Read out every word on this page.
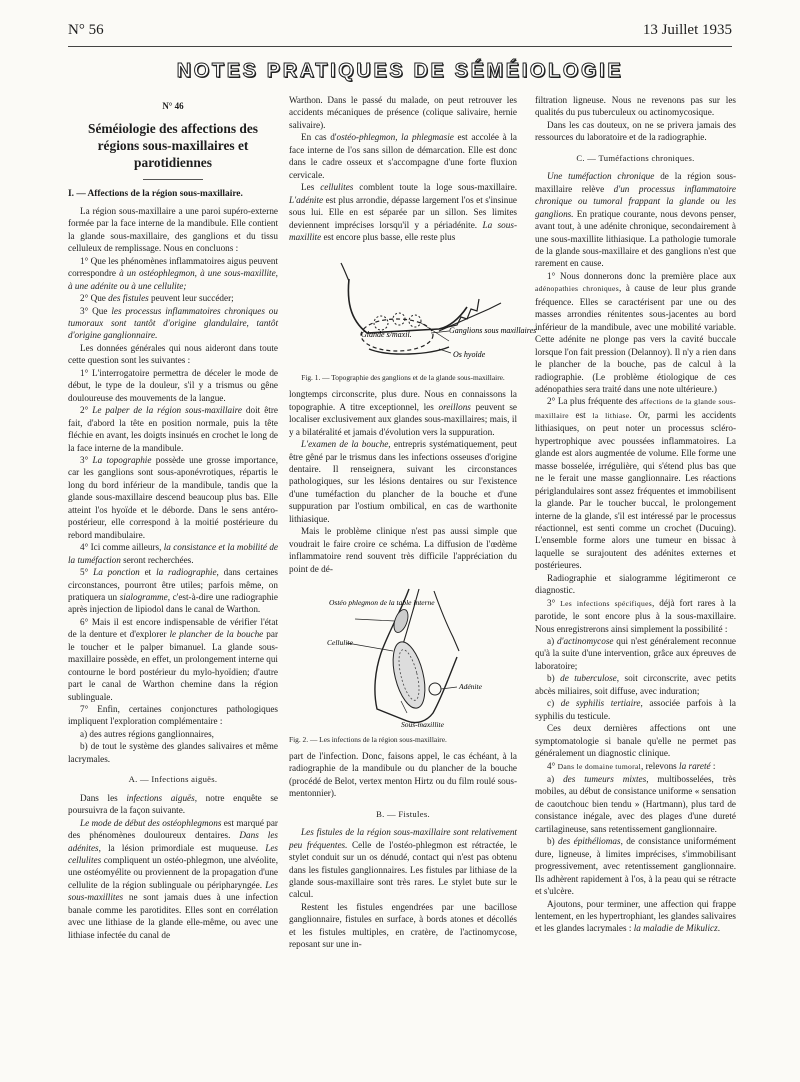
N° 56	13 Juillet 1935
NOTES PRATIQUES DE SÉMÉIOLOGIE

N° 46

Séméiologie des affections des régions sous-maxillaires et parotidiennes

I. — Affections de la région sous-maxillaire.

La région sous-maxillaire a une paroi supéro-externe formée par la face interne de la mandibule. Elle contient la glande sous-maxillaire, des ganglions et du tissu celluleux de remplissage. Nous en concluons :

1° Que les phénomènes inflammatoires aigus peuvent correspondre à un ostéophlegmon, à une sous-maxillite, à une adénite ou à une cellulite;

2° Que des fistules peuvent leur succéder;

3° Que les processus inflammatoires chroniques ou tumoraux sont tantôt d'origine glandulaire, tantôt d'origine ganglionnaire.

Les données générales qui nous aideront dans toute cette question sont les suivantes :

1° L'interrogatoire permettra de déceler le mode de début, le type de la douleur, s'il y a trismus ou gêne douloureuse des mouvements de la langue.

2° Le palper de la région sous-maxillaire doit être fait, d'abord la tête en position normale, puis la tête fléchie en avant, les doigts insinués en crochet le long de la face interne de la mandibule.

3° La topographie possède une grosse importance, car les ganglions sont sous-aponévrotiques, répartis le long du bord inférieur de la mandibule, tandis que la glande sous-maxillaire descend beaucoup plus bas. Elle atteint l'os hyoïde et le déborde. Dans le sens antéro-postérieur, elle correspond à la moitié postérieure du rebord mandibulaire.

4° Ici comme ailleurs, la consistance et la mobilité de la tuméfaction seront recherchées.

5° La ponction et la radiographie, dans certaines circonstances, pourront être utiles; parfois même, on pratiquera un sialogramme, c'est-à-dire une radiographie après injection de lipiodol dans le canal de Warthon.

6° Mais il est encore indispensable de vérifier l'état de la denture et d'explorer le plancher de la bouche par le toucher et le palper bimanuel. La glande sous-maxillaire possède, en effet, un prolongement interne qui contourne le bord postérieur du mylo-hyoïdien; d'autre part le canal de Warthon chemine dans la région sublinguale.

7° Enfin, certaines conjonctures pathologiques impliquent l'exploration complémentaire :

a) des autres régions ganglionnaires,

b) de tout le système des glandes salivaires et même lacrymales.

A. — Infections aiguës.

Dans les infections aiguës, notre enquête se poursuivra de la façon suivante.

Le mode de début des ostéophlegmons est marqué par des phénomènes douloureux dentaires. Dans les adénites, la lésion primordiale est muqueuse. Les cellulites compliquent un ostéo-phlegmon, une alvéolite, une ostéomyélite ou proviennent de la propagation d'une cellulite de la région sublinguale ou péripharyngée. Les sous-maxillites ne sont jamais dues à une infection banale comme les parotidites. Elles sont en corrélation avec une lithiase de la glande elle-même, ou avec une lithiase infectée du canal de

Warthon. Dans le passé du malade, on peut retrouver les accidents mécaniques de présence (colique salivaire, hernie salivaire).

En cas d'ostéo-phlegmon, la phlegmasie est accolée à la face interne de l'os sans sillon de démarcation. Elle est donc dans le cadre osseux et s'accompagne d'une forte fluxion cervicale.

Les cellulites comblent toute la loge sous-maxillaire. L'adénite est plus arrondie, dépasse largement l'os et s'insinue sous lui. Elle en est séparée par un sillon. Ses limites deviennent imprécises lorsqu'il y a périadénite. La sous-maxillite est encore plus basse, elle reste plus

Glande s/maxil.	Ganglions sous maxillaires
Os hyoïde

Fig. 1. — Topographie des ganglions et de la glande sous-maxillaire.

longtemps circonscrite, plus dure. Nous en connaissons la topographie. A titre exceptionnel, les oreillons peuvent se localiser exclusivement aux glandes sous-maxillaires; mais, il y a bilatéralité et jamais d'évolution vers la suppuration.

L'examen de la bouche, entrepris systématiquement, peut être gêné par le trismus dans les infections osseuses d'origine dentaire. Il renseignera, suivant les circonstances pathologiques, sur les lésions dentaires ou sur l'existence d'une tuméfaction du plancher de la bouche et d'une suppuration par l'ostium ombilical, en cas de warthonite lithiasique.

Mais le problème clinique n'est pas aussi simple que voudrait le faire croire ce schéma. La diffusion de l'œdème inflammatoire rend souvent très difficile l'appréciation du point de dé-

Ostéo phlegmon de la table interne
Cellulite
Adénite
Sous-maxillite

Fig. 2. — Les infections de la région sous-maxillaire.

part de l'infection. Donc, faisons appel, le cas échéant, à la radiographie de la mandibule ou du plancher de la bouche (procédé de Belot, vertex menton Hirtz ou du film roulé sous-mentonnier).

B. — Fistules.

Les fistules de la région sous-maxillaire sont relativement peu fréquentes. Celle de l'ostéo-phlegmon est rétractée, le stylet conduit sur un os dénudé, contact qui n'est pas obtenu dans les fistules ganglionnaires. Les fistules par lithiase de la glande sous-maxillaire sont très rares. Le stylet bute sur le calcul.

Restent les fistules engendrées par une bacillose ganglionnaire, fistules en surface, à bords atones et décollés et les fistules multiples, en cratère, de l'actinomycose, reposant sur une in-

filtration ligneuse. Nous ne revenons pas sur les qualités du pus tuberculeux ou actinomycosique.

Dans les cas douteux, on ne se privera jamais des ressources du laboratoire et de la radiographie.

C. — Tuméfactions chroniques.

Une tuméfaction chronique de la région sous-maxillaire relève d'un processus inflammatoire chronique ou tumoral frappant la glande ou les ganglions. En pratique courante, nous devons penser, avant tout, à une adénite chronique, secondairement à une sous-maxillite lithiasique. La pathologie tumorale de la glande sous-maxillaire et des ganglions n'est que rarement en cause.

1° Nous donnerons donc la première place aux adénopathies chroniques, à cause de leur plus grande fréquence. Elles se caractérisent par une ou des masses arrondies rénitentes sous-jacentes au bord inférieur de la mandibule, avec une mobilité variable. Cette adénite ne plonge pas vers la cavité buccale lorsque l'on fait pression (Delannoy). Il n'y a rien dans le plancher de la bouche, pas de calcul à la radiographie. (Le problème étiologique de ces adénopathies sera traité dans une note ultérieure.)

2° La plus fréquente des affections de la glande sous-maxillaire est la lithiase. Or, parmi les accidents lithiasiques, on peut noter un processus scléro-hypertrophique avec poussées inflammatoires. La glande est alors augmentée de volume. Elle forme une masse bosselée, irrégulière, qui s'étend plus bas que ne le ferait une masse ganglionnaire. Les réactions périglandulaires sont assez fréquentes et immobilisent la glande. Par le toucher buccal, le prolongement interne de la glande, s'il est intéressé par le processus réactionnel, est senti comme un crochet (Ducuing). L'ensemble forme alors une tumeur en bissac à laquelle se surajoutent des adénites externes et postérieures.

Radiographie et sialogramme légitimeront ce diagnostic.

3° Les infections spécifiques, déjà fort rares à la parotide, le sont encore plus à la sous-maxillaire. Nous enregistrerons ainsi simplement la possibilité :

a) d'actinomycose qui n'est généralement reconnue qu'à la suite d'une intervention, grâce aux épreuves de laboratoire;

b) de tuberculose, soit circonscrite, avec petits abcès miliaires, soit diffuse, avec induration;

c) de syphilis tertiaire, associée parfois à la syphilis du testicule.

Ces deux dernières affections ont une symptomatologie si banale qu'elle ne permet pas généralement un diagnostic clinique.

4° Dans le domaine tumoral, relevons la rareté :

a) des tumeurs mixtes, multibosselées, très mobiles, au début de consistance uniforme « sensation de caoutchouc bien tendu » (Hartmann), plus tard de consistance inégale, avec des plages d'une dureté cartilagineuse, sans retentissement ganglionnaire.

b) des épithéliomas, de consistance uniformément dure, ligneuse, à limites imprécises, s'immobilisant progressivement, avec retentissement ganglionnaire. Ils adhèrent rapidement à l'os, à la peau qui se rétracte et s'ulcère.

Ajoutons, pour terminer, une affection qui frappe lentement, en les hypertrophiant, les glandes salivaires et les glandes lacrymales : la maladie de Mikulicz.
